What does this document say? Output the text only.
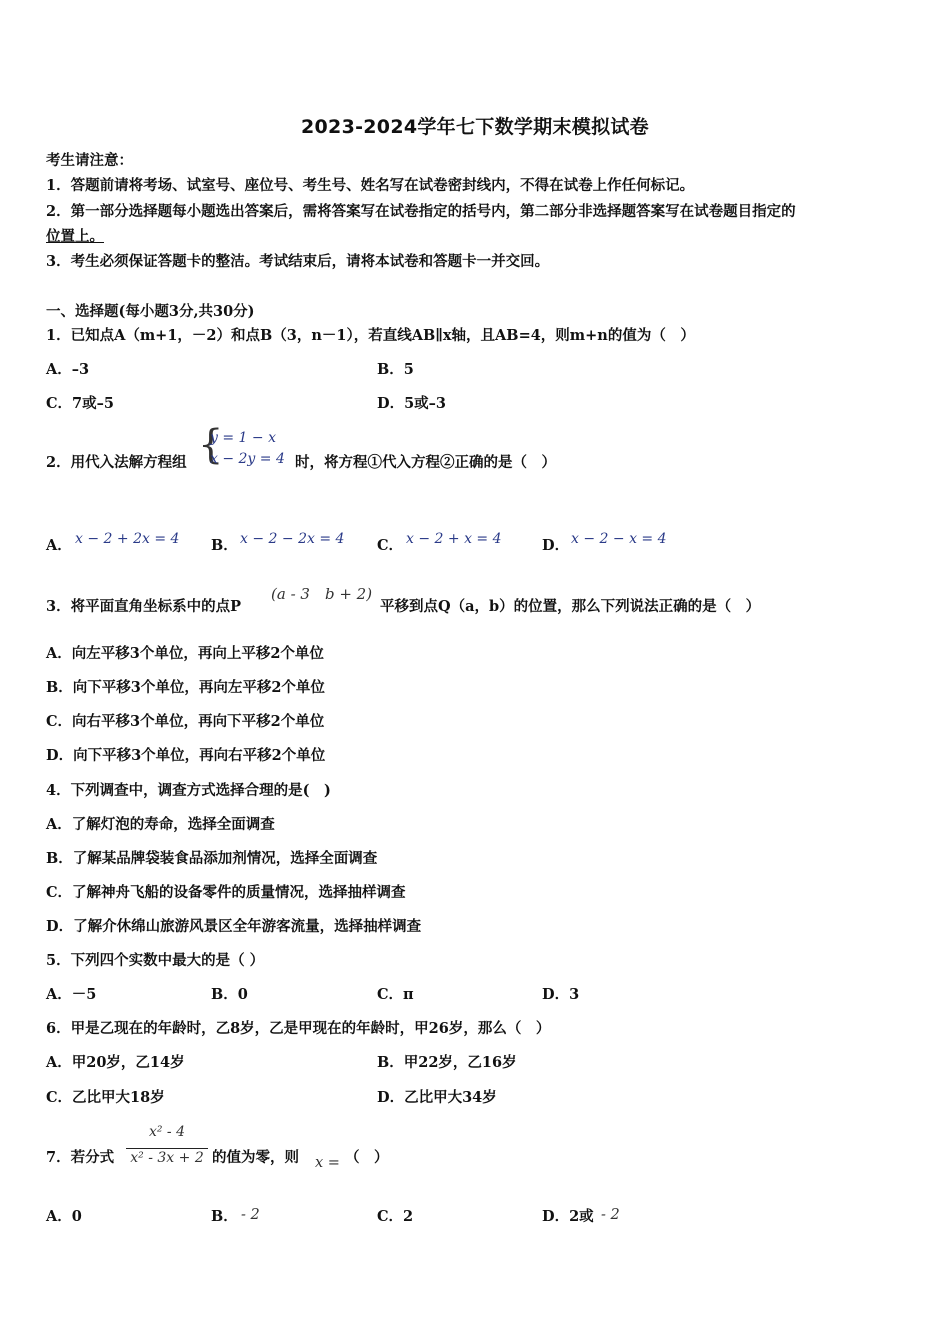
2023-2024学年七下数学期末模拟试卷
考生请注意：
1．答题前请将考场、试室号、座位号、考生号、姓名写在试卷密封线内，不得在试卷上作任何标记。
2．第一部分选择题每小题选出答案后，需将答案写在试卷指定的括号内，第二部分非选择题答案写在试卷题目指定的
位置上。
3．考生必须保证答题卡的整洁。考试结束后，请将本试卷和答题卡一并交回。
一、选择题(每小题3分,共30分)
1．已知点A（m+1，－2）和点B（3，n－1），若直线AB∥x轴，且AB=4，则m+n的值为（　）
A．–3	B．5
C．7或–5	D．5或–3
2．用代入法解方程组 {
y = 1 − x
x − 2y = 4 时，将方程①代入方程②正确的是（　）
A． x − 2 + 2x = 4 B． x − 2 − 2x = 4 C． x − 2 + x = 4	D． x − 2 − x = 4
3．将平面直角坐标系中的点P
(a - 3　b + 2)
平移到点Q（a，b）的位置，那么下列说法正确的是（　）
A．向左平移3个单位，再向上平移2个单位
B．向下平移3个单位，再向左平移2个单位
C．向右平移3个单位，再向下平移2个单位
D．向下平移3个单位，再向右平移2个单位
4．下列调查中，调查方式选择合理的是(　)
A．了解灯泡的寿命，选择全面调查
B．了解某品牌袋装食品添加剂情况，选择全面调查
C．了解神舟飞船的设备零件的质量情况，选择抽样调查
D．了解介休绵山旅游风景区全年游客流量，选择抽样调查
5．下列四个实数中最大的是（ ）
A．－5	B．0	C．π	D．3
6．甲是乙现在的年龄时，乙8岁，乙是甲现在的年龄时，甲26岁，那么（　）
A．甲20岁，乙14岁	B．甲22岁，乙16岁
C．乙比甲大18岁	D．乙比甲大34岁
7．若分式
x² - 4
x² - 3x + 2 的值为零，则 x = （　）
A．0	B． - 2	C．2	D．2或 - 2
